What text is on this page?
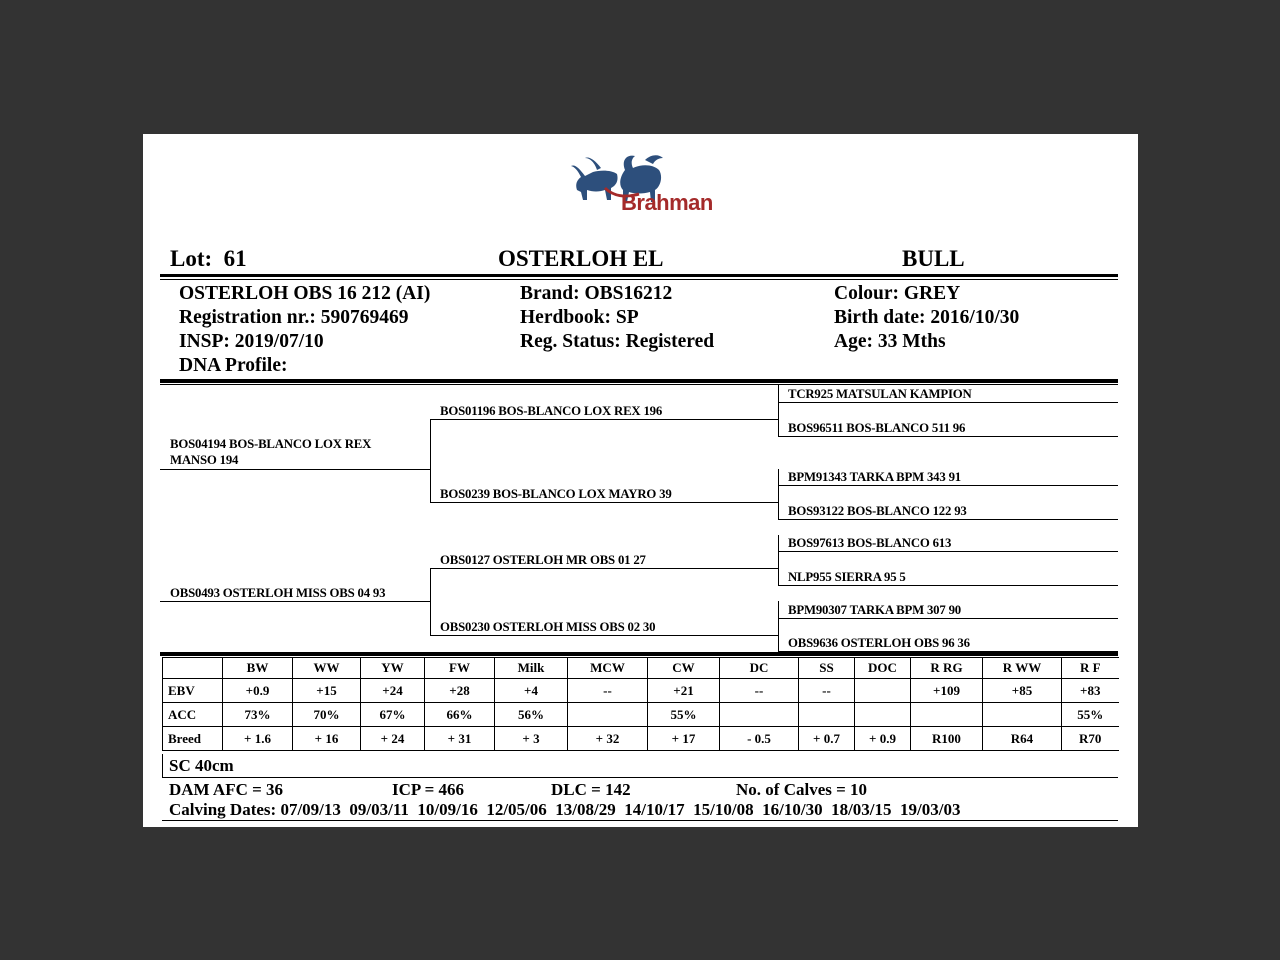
Brahman
Lot: 61	OSTERLOH EL	BULL
OSTERLOH OBS 16 212 (AI)
Registration nr.: 590769469
INSP: 2019/07/10
DNA Profile:
Brand: OBS16212
Herdbook: SP
Reg. Status: Registered
Colour: GREY
Birth date: 2016/10/30
Age: 33 Mths
BOS04194 BOS-BLANCO LOX REX
MANSO 194
OBS0493 OSTERLOH MISS OBS 04 93
BOS01196 BOS-BLANCO LOX REX 196
BOS0239 BOS-BLANCO LOX MAYRO 39
OBS0127 OSTERLOH MR OBS 01 27
OBS0230 OSTERLOH MISS OBS 02 30
TCR925 MATSULAN KAMPION
BOS96511 BOS-BLANCO 511 96
BPM91343 TARKA BPM 343 91
BOS93122 BOS-BLANCO 122 93
BOS97613 BOS-BLANCO 613
NLP955 SIERRA 95 5
BPM90307 TARKA BPM 307 90
OBS9636 OSTERLOH OBS 96 36
	BW	WW	YW	FW	Milk	MCW	CW	DC	SS	DOC	R RG	R WW	R F
EBV	+0.9	+15	+24	+28	+4	--	+21	--	--		+109	+85	+83
ACC	73%	70%	67%	66%	56%		55%						55%
Breed	+ 1.6	+ 16	+ 24	+ 31	+ 3	+ 32	+ 17	- 0.5	+ 0.7	+ 0.9	R100	R64	R70
SC 40cm
DAM AFC = 36	ICP = 466	DLC = 142	No. of Calves = 10
Calving Dates: 07/09/13  09/03/11  10/09/16  12/05/06  13/08/29  14/10/17  15/10/08  16/10/30  18/03/15  19/03/03
